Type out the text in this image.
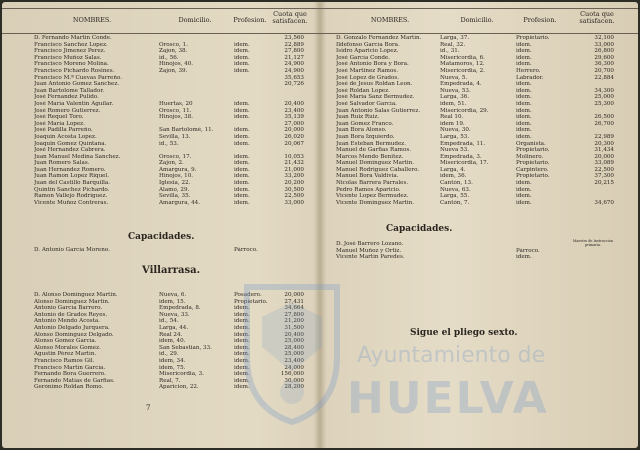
NOMBRES.	Domicilio.	Profesion.
Cuota que satisfacen.
D. Fernando Martin Conde.	23,560
Francisco Sanchez Lopez.	Orosco, 1.	idem.	22,889
Francisco Jimenez Perez.	Zajon, 38.	idem.	27,800
Francisco Muñoz Salas.	id., 56.	idem.	21,127
Francisco Moreno Molina.	Hinojos, 40.	idem.	24,900
Francisco Pichardo Rosines.	Zajon, 39.	idem.	24,900
Francisco M.ª Cuevas Parreño.	35,653
Juan Antonio Gomez Sanchez.	20,726
Juan Bartolome Tallador.
José Fernandez Pulido.
José María Valentin Aguilar.	Huertas, 20	idem.	20,400
José Romero Gutierrez.	Orosco, 11.	idem.	23,400
José Requel Toro.	Hinojos, 38.	idem.	35,139
José María Lopez.	27,000
José Padilla Parreño.	San Bartolomé, 11.	idem.	20,000
Joaquin Acosta Lopez.	Sevilla, 13.	idem.	26,020
Joaquin Gomez Quintana.	id., 53.	idem.	20,067
José Hernandez Cabrera.
Juan Manuel Medina Sanchez.	Orosco, 17.	idem.	10,053
Juan Romero Salas.	Zajon, 2.	idem.	21,432
Juan Hernandez Romero.	Amargura, 9.	idem.	21,000
Juan Ramon Lopez Riquel.	Hinojos, 10.	idem.	33,200
Juan del Castillo Barquilla.	Iglesia, 22.	idem.	20,200
Quintin Sanchez Pichardo.	Alamo, 29.	idem.	30,500
Ramon Vallejo Rodriguez.	Sevilla, 35.	idem.	22,500
Vicente Muñoz Contreras.	Amargura, 44.	idem.	33,000
Capacidades.
D. Antonio García Moreno.	Párroco.
Villarrasa.
D. Alonso Dominguez Martin.	Nueva, 6.	Posadero.	20,000
Alonso Dominguez Martin.	idem, 15.	Propietario.	27,431
Antonio García Barrero.	Empedrada, 8.	idem.	34,664
Antonio de Grados Reyes.	Nueva, 33.	idem.	27,800
Antonio Mendo Acosta.	id., 54.	idem.	21,200
Antonio Delgado Jurquera.	Larga, 44.	idem.	31,500
Alonso Dominguez Delgado.	Real 24.	idem.	20,400
Alonso Gomez García.	idem, 40.	idem.	25,000
Alonso Morales Gomez.	San Sebastian, 33.	idem.	28,400
Agustin Pérez Martín.	id., 29.	idem.	25,000
Francisco Ramos Gil.	idem, 34.	idem.	23,400
Francisco Martín García.	idem, 75.	idem.	24,000
Fernando Bora Guerrero.	Misericordia, 3.	idem.	156,000
Fernando Matías de Garfias.	Real, 7.	idem.	30,000
Gerónimo Roldan Romo.	Aparicion, 22.	idem.	28,200
7
NOMBRES.	Domicilio.	Profesion.
Cuota que satisfacen.
D. Gonzalo Fernandez Martín.	Larga, 37.	Propietario.	32,100
Ildefonso García Bora.	Real, 32.	idem.	33,000
Isidro Aparicio Lopez.	id., 31.	idem.	26,800
José García Conde.	Misericordia, 6.	idem.	29,600
José Antonio Bora y Bora.	Matamoros, 12.	idem.	36,300
José Martinez Ramos.	Misericordia, 2.	Herrero.	20,700
José Lopez de Grados.	Nueva, 5.	Labrador.	22,884
José de Jesus Roldan Leon.	Empedrada, 4.	idem.
José Roldan Lopez.	Nueva, 53.	idem.	34,300
José María Sanz Bermudez.	Larga, 36.	idem.	25,000
José Salvador García.	idem, 51.	idem.	25,300
Juan Antonio Salas Gutierrez.	Misericordia, 29.	idem.
Juan Ruiz Ruiz.	Real 10.	idem.	26,500
Juan Gomez Franco.	idem 19.	idem.	26,700
Juan Bora Alonso.	Nueva, 30.	idem.
Juan Bora Izquierdo.	Larga, 53.	idem.	22,989
Juan Esteban Bermudez.	Empedrada, 11.	Organista.	20,300
Manuel de Garfias Ramos.	Nueva 53.	Propietario.	31,434
Marcos Mendo Benitez.	Empedrada, 3.	Molinero.	20,000
Manuel Dominguez Martin.	Misericordia, 17.	Propietario.	33,089
Manuel Rodriguez Caballero.	Larga, 4.	Carpintero.	22,500
Manuel Bora Valdivia.	idem, 36.	Propietario.	37,300
Nicolas Barrera Parrales.	Cantón, 13.	idem.	20,215
Pedro Ramos Aparicio.	Nueva, 63.	idem.
Vicente Lopez Bermudez.	Larga, 55.	idem.
Vicente Dominguez Martin.	Cantón, 7.	idem.	34,670
Capacidades.
Maestro de Instruccion primaria.
D. José Barrero Lozano.
Manuel Muñoz y Ortiz.	Párroco.
Vicente Martin Paredes.	idem.
Sigue el pliego sexto.
Ayuntamiento de
HUELVA
